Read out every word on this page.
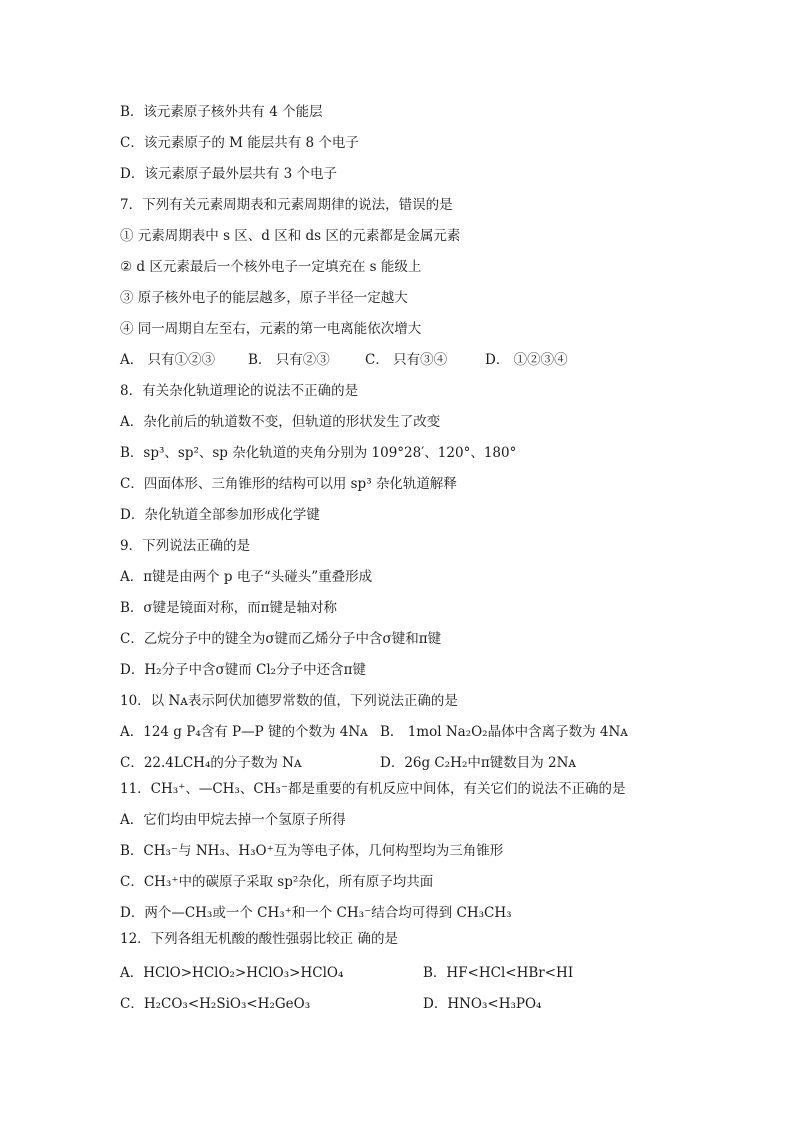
B．该元素原子核外共有 4 个能层
C．该元素原子的 M 能层共有 8 个电子
D．该元素原子最外层共有 3 个电子
7．下列有关元素周期表和元素周期律的说法，错误的是
① 元素周期表中 s 区、d 区和 ds 区的元素都是金属元素
② d 区元素最后一个核外电子一定填充在 s 能级上
③ 原子核外电子的能层越多，原子半径一定越大
④ 同一周期自左至右，元素的第一电离能依次增大
A． 只有①②③ B． 只有②③	C． 只有③④	D． ①②③④
8．有关杂化轨道理论的说法不正确的是
A．杂化前后的轨道数不变，但轨道的形状发生了改变
B．sp³、sp²、sp 杂化轨道的夹角分别为 109°28′、120°、180°
C．四面体形、三角锥形的结构可以用 sp³ 杂化轨道解释
D．杂化轨道全部参加形成化学键
9．下列说法正确的是
A．π键是由两个 p 电子“头碰头”重叠形成
B．σ键是镜面对称，而π键是轴对称
C．乙烷分子中的键全为σ键而乙烯分子中含σ键和π键
D．H₂分子中含σ键而 Cl₂分子中还含π键
10．以 Nᴀ表示阿伏加德罗常数的值，下列说法正确的是
A．124 g P₄含有 P—P 键的个数为 4Nᴀ B． 1mol Na₂O₂晶体中含离子数为 4Nᴀ
C．22.4LCH₄的分子数为 Nᴀ	D．26g C₂H₂中π键数目为 2Nᴀ
11．CH₃⁺、—CH₃、CH₃⁻都是重要的有机反应中间体，有关它们的说法不正确的是
A．它们均由甲烷去掉一个氢原子所得
B．CH₃⁻与 NH₃、H₃O⁺互为等电子体，几何构型均为三角锥形
C．CH₃⁺中的碳原子采取 sp²杂化，所有原子均共面
D．两个—CH₃或一个 CH₃⁺和一个 CH₃⁻结合均可得到 CH₃CH₃
12．下列各组无机酸的酸性强弱比较正 确的是
A．HClO>HClO₂>HClO₃>HClO₄	B．HF<HCl<HBr<HI
C．H₂CO₃<H₂SiO₃<H₂GeO₃	D．HNO₃<H₃PO₄
